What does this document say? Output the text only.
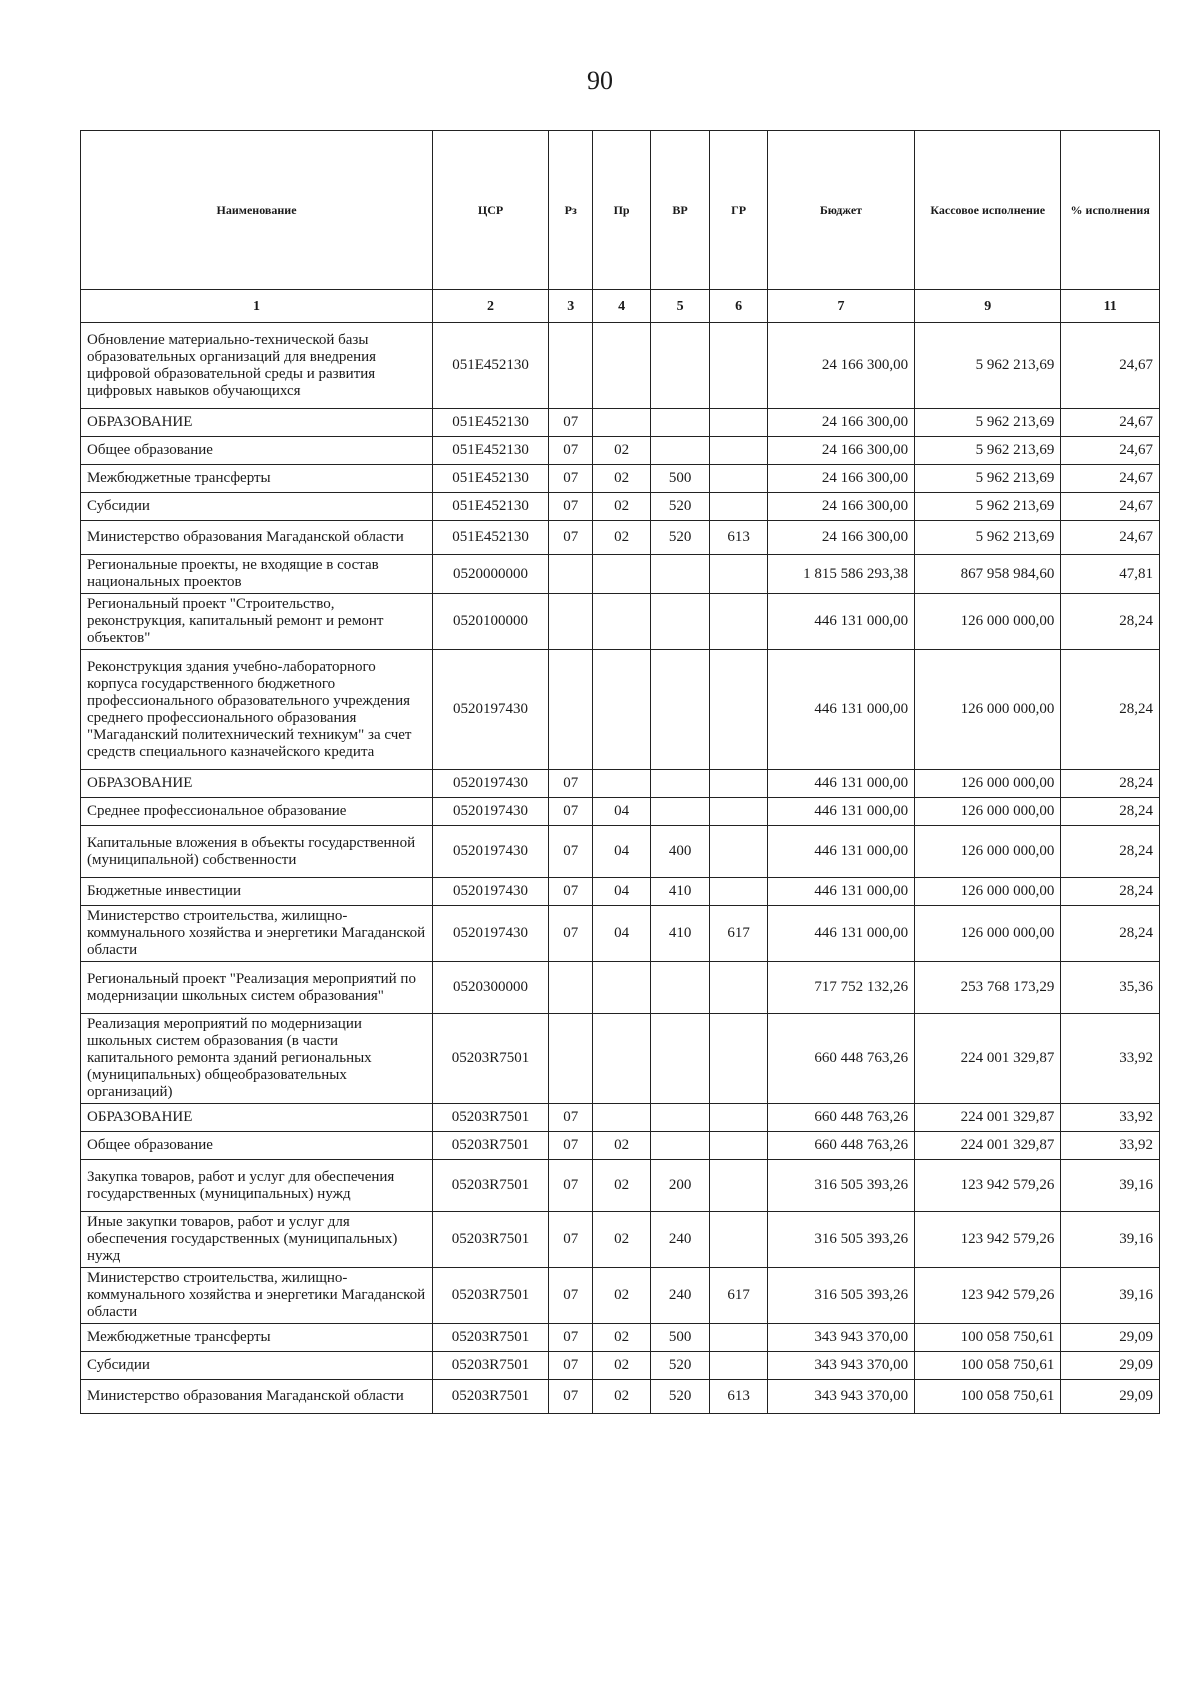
90
Наименование	ЦСР	Рз	Пр	ВР	ГР	Бюджет	Кассовое исполнение	% исполнения
1	2	3	4	5	6	7	9	11
Обновление материально-технической базы образовательных организаций для внедрения цифровой образовательной среды и развития цифровых навыков обучающихся	051E452130					24 166 300,00	5 962 213,69	24,67
ОБРАЗОВАНИЕ	051E452130	07				24 166 300,00	5 962 213,69	24,67
Общее образование	051E452130	07	02			24 166 300,00	5 962 213,69	24,67
Межбюджетные трансферты	051E452130	07	02	500		24 166 300,00	5 962 213,69	24,67
Субсидии	051E452130	07	02	520		24 166 300,00	5 962 213,69	24,67
Министерство образования Магаданской области	051E452130	07	02	520	613	24 166 300,00	5 962 213,69	24,67
Региональные проекты, не входящие в состав национальных проектов	0520000000					1 815 586 293,38	867 958 984,60	47,81
Региональный проект "Строительство, реконструкция, капитальный ремонт и ремонт объектов"	0520100000					446 131 000,00	126 000 000,00	28,24
Реконструкция здания учебно-лабораторного корпуса государственного бюджетного профессионального образовательного учреждения среднего профессионального образования "Магаданский политехнический техникум" за счет средств специального казначейского кредита	0520197430					446 131 000,00	126 000 000,00	28,24
ОБРАЗОВАНИЕ	0520197430	07				446 131 000,00	126 000 000,00	28,24
Среднее профессиональное образование	0520197430	07	04			446 131 000,00	126 000 000,00	28,24
Капитальные вложения в объекты государственной (муниципальной) собственности	0520197430	07	04	400		446 131 000,00	126 000 000,00	28,24
Бюджетные инвестиции	0520197430	07	04	410		446 131 000,00	126 000 000,00	28,24
Министерство строительства, жилищно-коммунального хозяйства и энергетики Магаданской области	0520197430	07	04	410	617	446 131 000,00	126 000 000,00	28,24
Региональный проект "Реализация мероприятий по модернизации школьных систем образования"	0520300000					717 752 132,26	253 768 173,29	35,36
Реализация мероприятий по модернизации школьных систем образования (в части капитального ремонта зданий региональных (муниципальных) общеобразовательных организаций)	05203R7501					660 448 763,26	224 001 329,87	33,92
ОБРАЗОВАНИЕ	05203R7501	07				660 448 763,26	224 001 329,87	33,92
Общее образование	05203R7501	07	02			660 448 763,26	224 001 329,87	33,92
Закупка товаров, работ и услуг для обеспечения государственных (муниципальных) нужд	05203R7501	07	02	200		316 505 393,26	123 942 579,26	39,16
Иные закупки товаров, работ и услуг для обеспечения государственных (муниципальных) нужд	05203R7501	07	02	240		316 505 393,26	123 942 579,26	39,16
Министерство строительства, жилищно-коммунального хозяйства и энергетики Магаданской области	05203R7501	07	02	240	617	316 505 393,26	123 942 579,26	39,16
Межбюджетные трансферты	05203R7501	07	02	500		343 943 370,00	100 058 750,61	29,09
Субсидии	05203R7501	07	02	520		343 943 370,00	100 058 750,61	29,09
Министерство образования Магаданской области	05203R7501	07	02	520	613	343 943 370,00	100 058 750,61	29,09
